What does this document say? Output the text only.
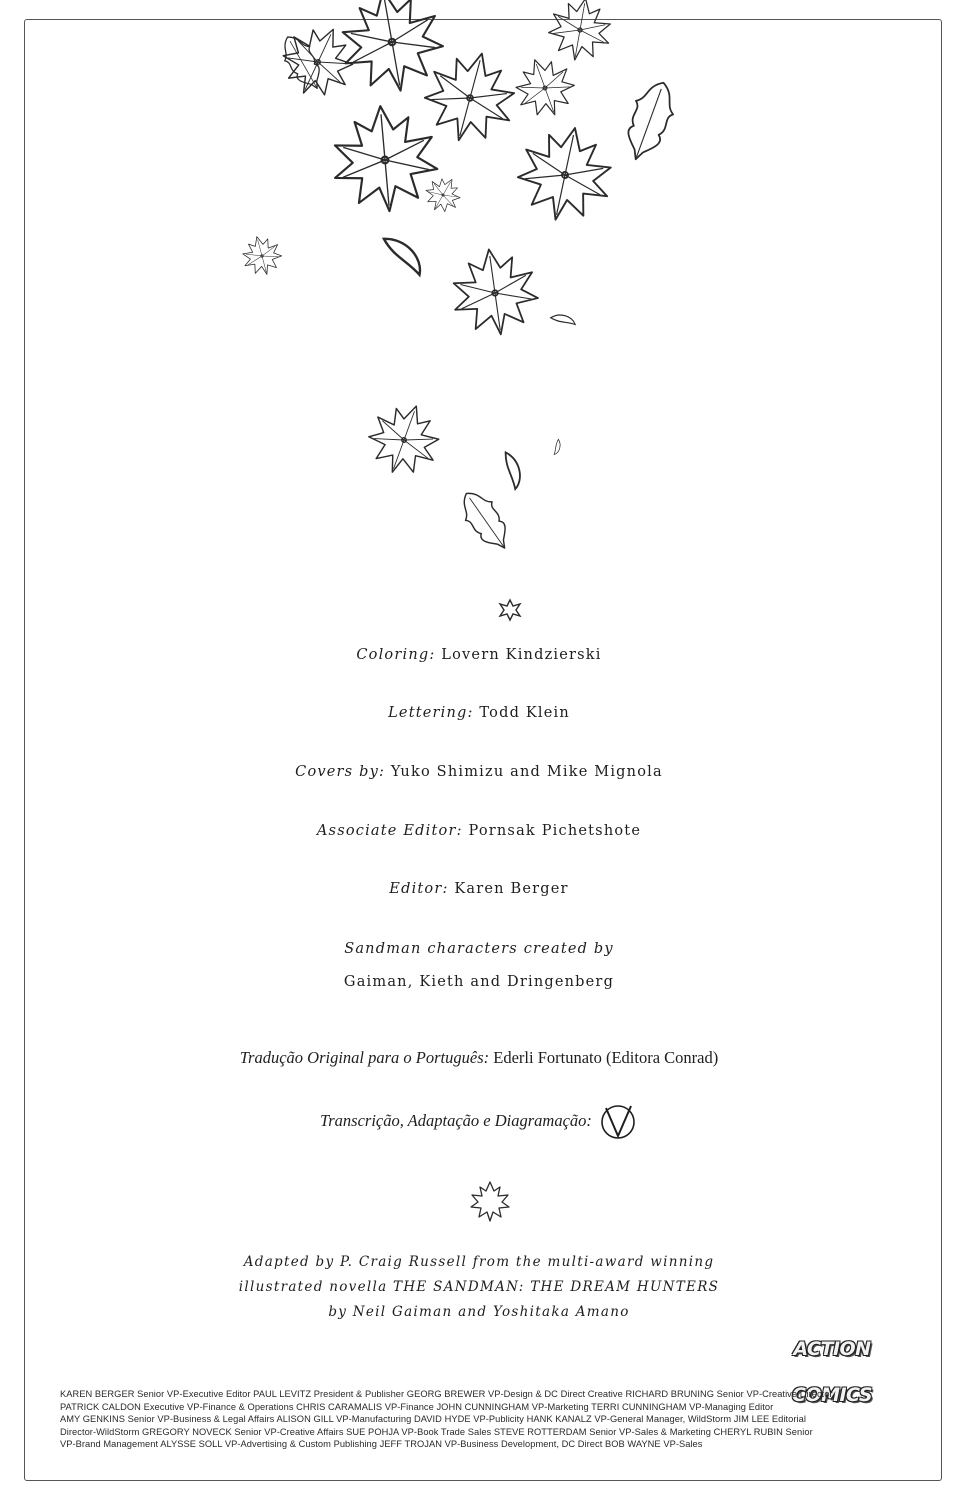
Coloring: Lovern Kindzierski
Lettering: Todd Klein
Covers by: Yuko Shimizu and Mike Mignola
Associate Editor: Pornsak Pichetshote
Editor: Karen Berger
Sandman characters created by
Gaiman, Kieth and Dringenberg
Tradução Original para o Português: Ederli Fortunato (Editora Conrad)
Transcrição, Adaptação e Diagramação:
Adapted by P. Craig Russell from the multi-award winning
illustrated novella THE SANDMAN: THE DREAM HUNTERS
by Neil Gaiman and Yoshitaka Amano
ACTION COMICS
KAREN BERGER Senior VP-Executive Editor PAUL LEVITZ President & Publisher GEORG BREWER VP-Design & DC Direct Creative RICHARD BRUNING Senior VP-Creative Director
PATRICK CALDON Executive VP-Finance & Operations CHRIS CARAMALIS VP-Finance JOHN CUNNINGHAM VP-Marketing TERRI CUNNINGHAM VP-Managing Editor
AMY GENKINS Senior VP-Business & Legal Affairs ALISON GILL VP-Manufacturing DAVID HYDE VP-Publicity HANK KANALZ VP-General Manager, WildStorm JIM LEE Editorial
Director-WildStorm GREGORY NOVECK Senior VP-Creative Affairs SUE POHJA VP-Book Trade Sales STEVE ROTTERDAM Senior VP-Sales & Marketing CHERYL RUBIN Senior
VP-Brand Management ALYSSE SOLL VP-Advertising & Custom Publishing JEFF TROJAN VP-Business Development, DC Direct BOB WAYNE VP-Sales
